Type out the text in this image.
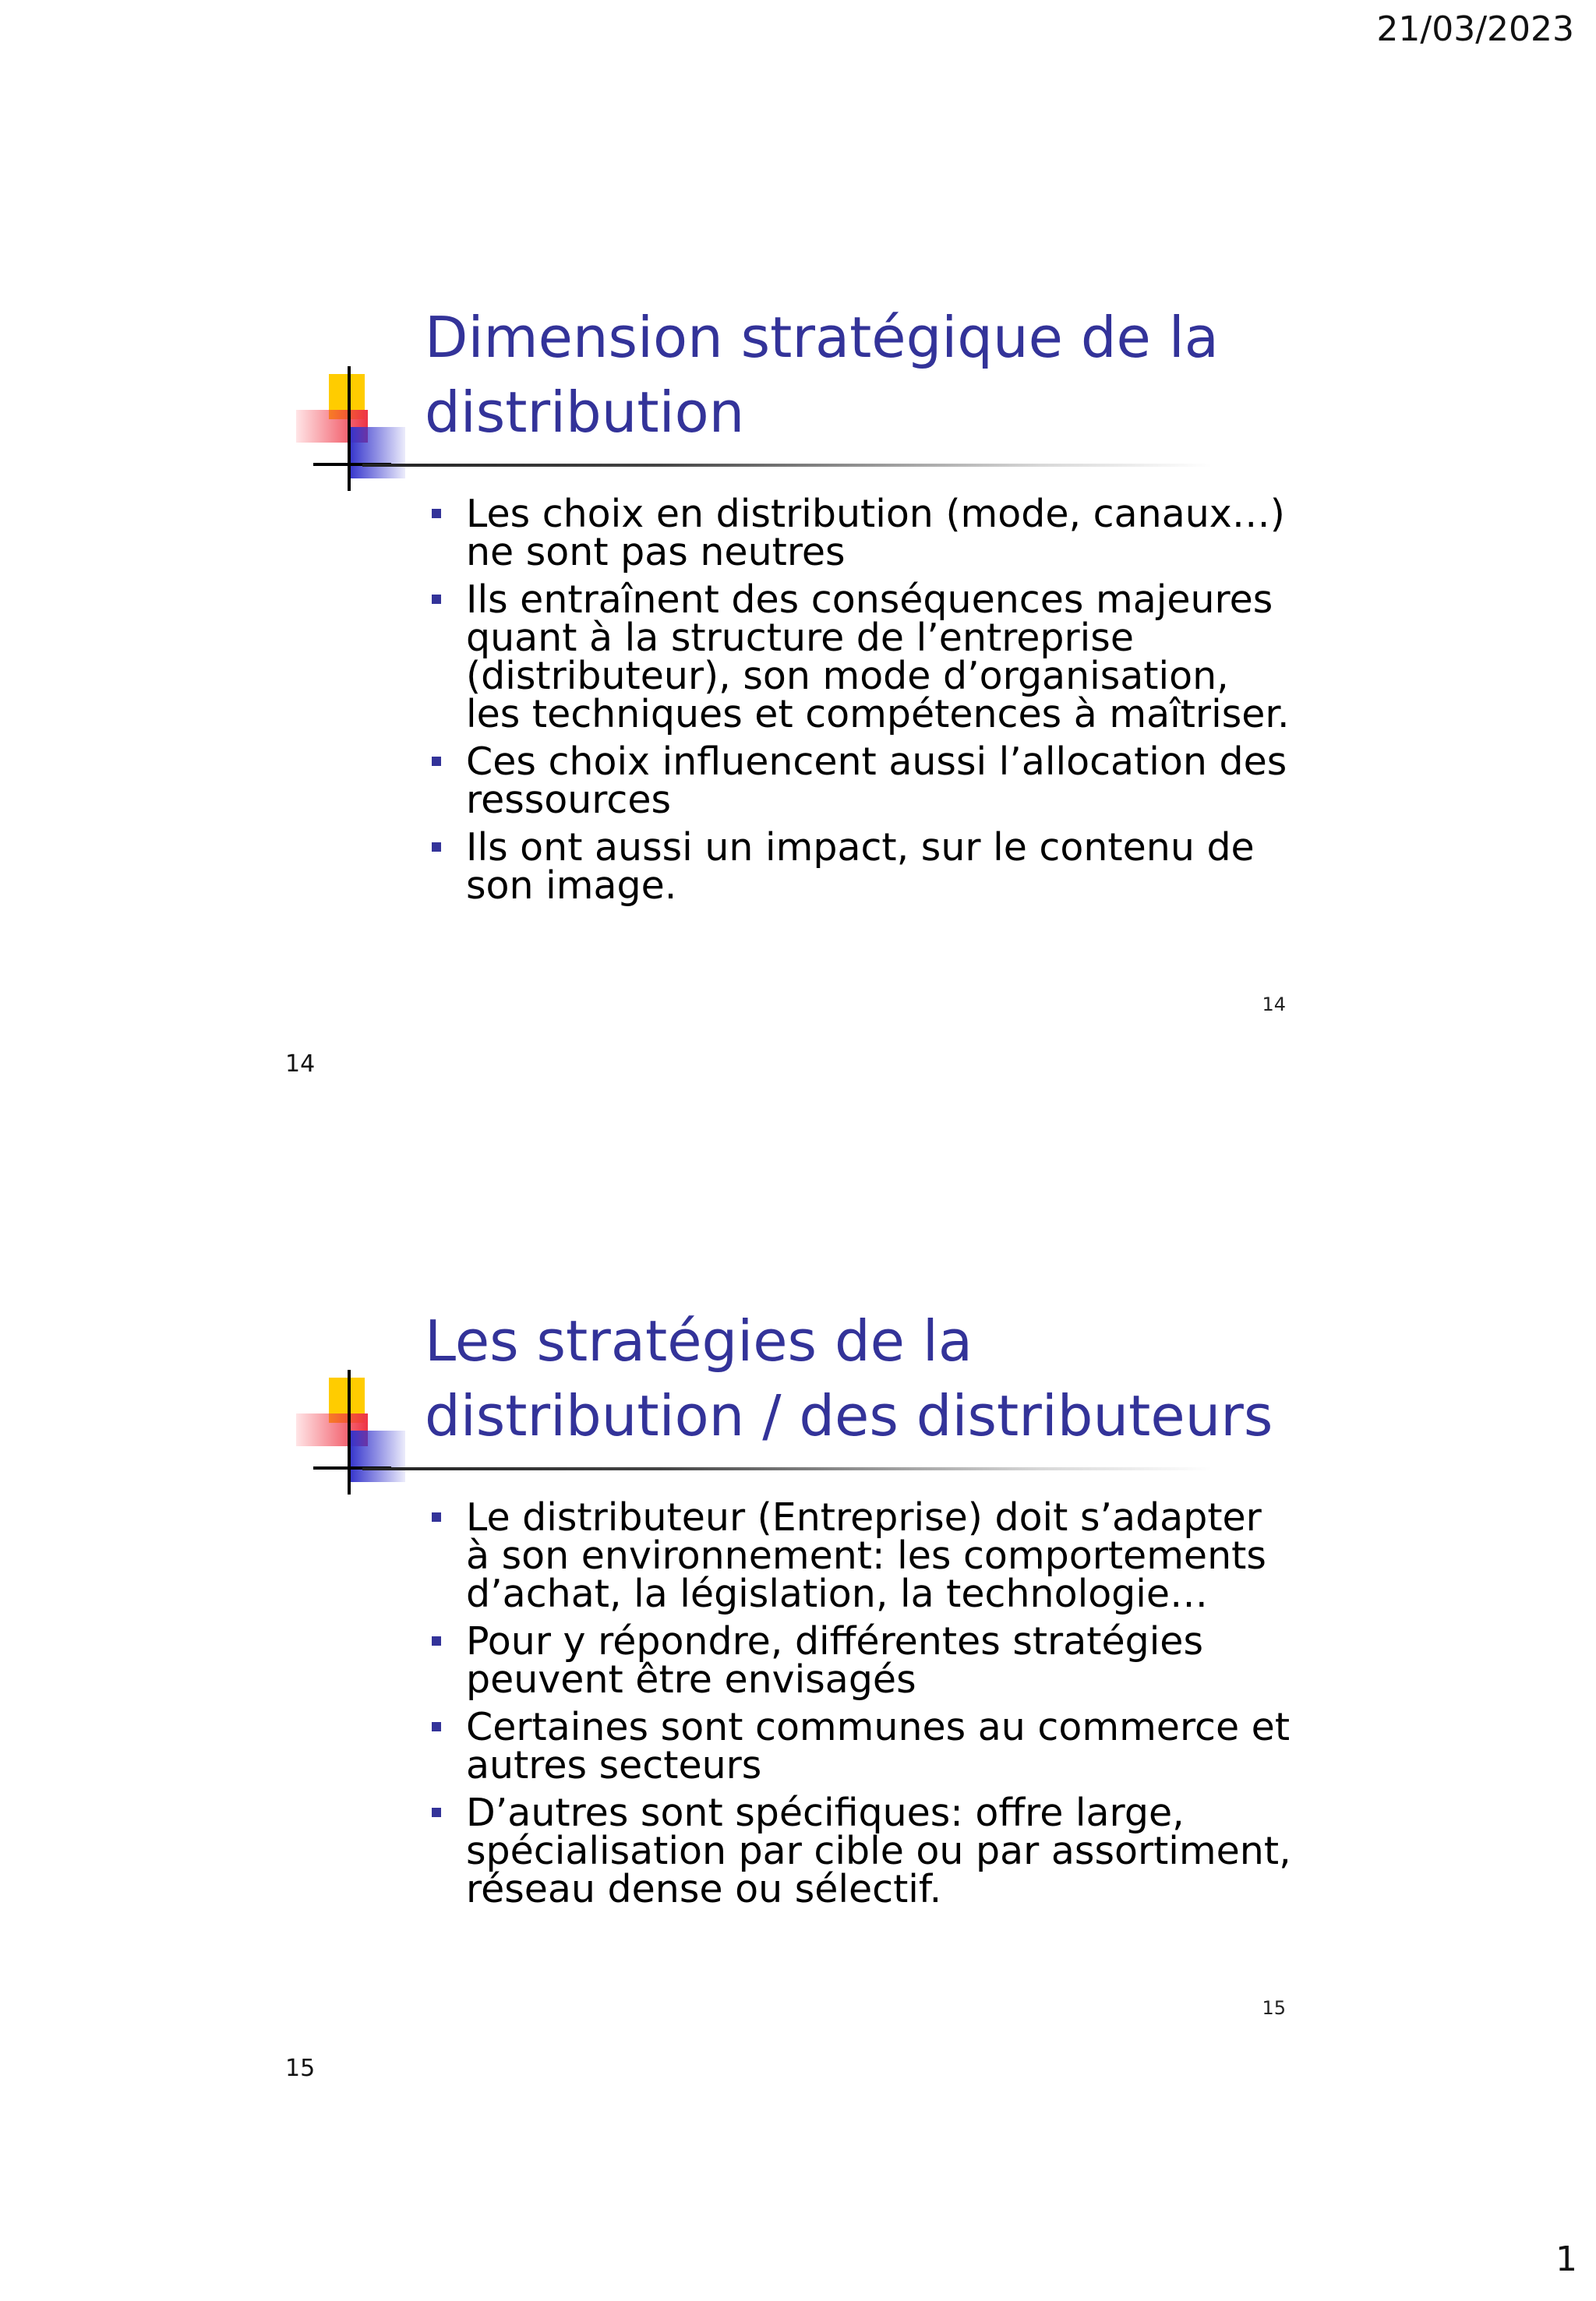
21/03/2023
Dimension stratégique de la distribution
Les choix en distribution (mode, canaux…) ne sont pas neutres
Ils entraînent des conséquences majeures quant à la structure de l’entreprise (distributeur), son mode d’organisation, les techniques et compétences à maîtriser.
Ces choix influencent aussi l’allocation des ressources
Ils ont aussi un impact, sur le contenu de son image.
14
14
Les stratégies de la distribution / des distributeurs
Le distributeur (Entreprise) doit s’adapter à son environnement: les comportements d’achat, la législation, la technologie…
Pour y répondre, différentes stratégies peuvent être envisagés
Certaines sont communes au commerce et autres secteurs
D’autres sont spécifiques: offre large, spécialisation par cible ou par assortiment, réseau dense ou sélectif.
15
15
1
